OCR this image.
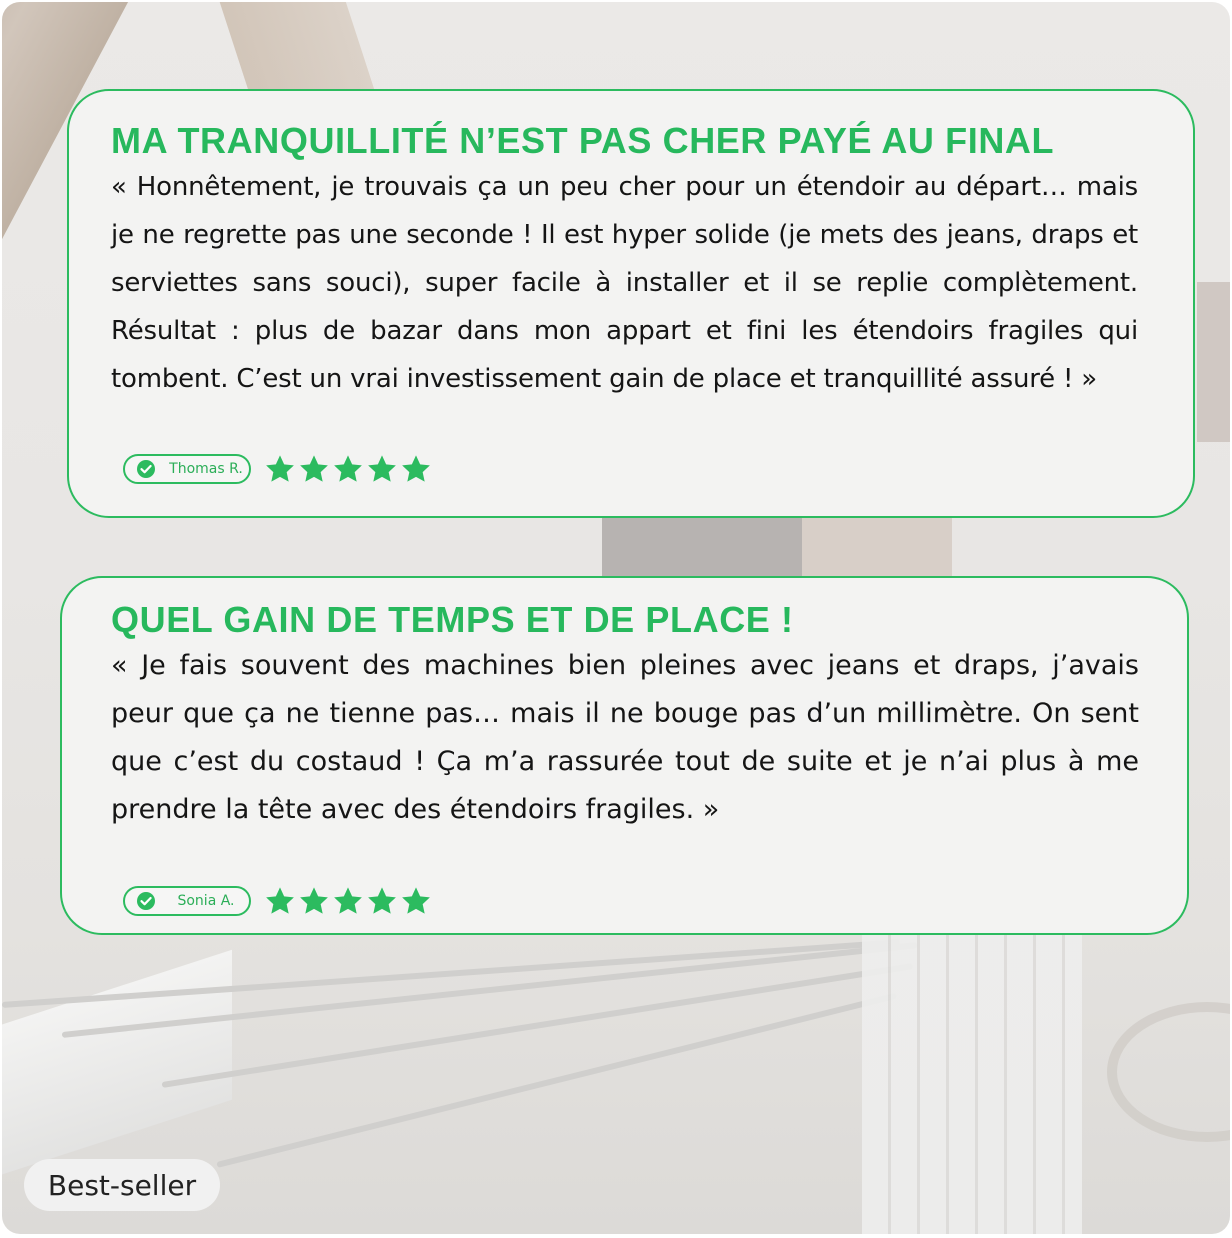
MA TRANQUILLITÉ N’EST PAS CHER PAYÉ AU FINAL

« Honnêtement, je trouvais ça un peu cher pour un étendoir au départ… mais je ne regrette pas une seconde ! Il est hyper solide (je mets des jeans, draps et serviettes sans souci), super facile à installer et il se replie complètement. Résultat : plus de bazar dans mon appart et fini les étendoirs fragiles qui tombent. C’est un vrai investissement gain de place et tranquillité assuré ! »

Thomas R.
QUEL GAIN DE TEMPS ET DE PLACE !

« Je fais souvent des machines bien pleines avec jeans et draps, j’avais peur que ça ne tienne pas… mais il ne bouge pas d’un millimètre. On sent que c’est du costaud ! Ça m’a rassurée tout de suite et je n’ai plus à me prendre la tête avec des étendoirs fragiles. »

Sonia A.
Best-seller
